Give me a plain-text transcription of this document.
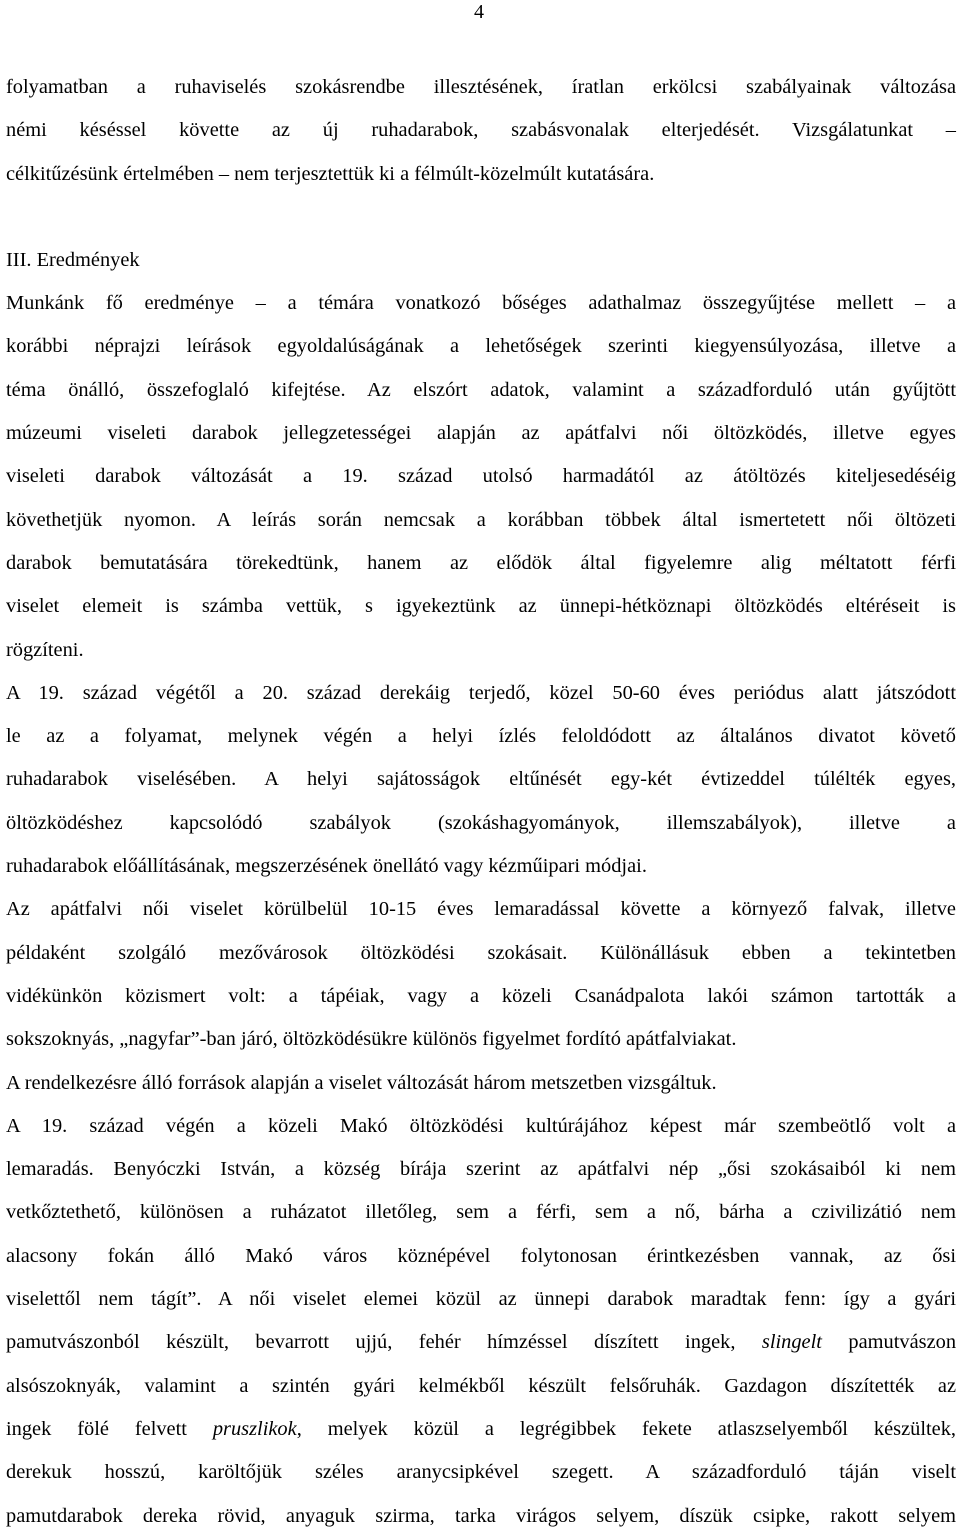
4
folyamatban a ruhaviselés szokásrendbe illesztésének, íratlan erkölcsi szabályainak változása
némi késéssel követte az új ruhadarabok, szabásvonalak elterjedését. Vizsgálatunkat –
célkitűzésünk értelmében – nem terjesztettük ki a félmúlt-közelmúlt kutatására.
III. Eredmények
Munkánk fő eredménye – a témára vonatkozó bőséges adathalmaz összegyűjtése mellett – a
korábbi néprajzi leírások egyoldalúságának a lehetőségek szerinti kiegyensúlyozása, illetve a
téma önálló, összefoglaló kifejtése. Az elszórt adatok, valamint a századforduló után gyűjtött
múzeumi viseleti darabok jellegzetességei alapján az apátfalvi női öltözködés, illetve egyes
viseleti darabok változását a 19. század utolsó harmadától az átöltözés kiteljesedéséig
követhetjük nyomon. A leírás során nemcsak a korábban többek által ismertetett női öltözeti
darabok bemutatására törekedtünk, hanem az elődök által figyelemre alig méltatott férfi
viselet elemeit is számba vettük, s igyekeztünk az ünnepi-hétköznapi öltözködés eltéréseit is
rögzíteni.
A 19. század végétől a 20. század derekáig terjedő, közel 50-60 éves periódus alatt játszódott
le az a folyamat, melynek végén a helyi ízlés feloldódott az általános divatot követő
ruhadarabok viselésében. A helyi sajátosságok eltűnését egy-két évtizeddel túlélték egyes,
öltözködéshez kapcsolódó szabályok (szokáshagyományok, illemszabályok), illetve a
ruhadarabok előállításának, megszerzésének önellátó vagy kézműipari módjai.
Az apátfalvi női viselet körülbelül 10-15 éves lemaradással követte a környező falvak, illetve
példaként szolgáló mezővárosok öltözködési szokásait. Különállásuk ebben a tekintetben
vidékünkön közismert volt: a tápéiak, vagy a közeli Csanádpalota lakói számon tartották a
sokszoknyás, „nagyfar”-ban járó, öltözködésükre különös figyelmet fordító apátfalviakat.
A rendelkezésre álló források alapján a viselet változását három metszetben vizsgáltuk.
A 19. század végén a közeli Makó öltözködési kultúrájához képest már szembeötlő volt a
lemaradás. Benyóczki István, a község bírája szerint az apátfalvi nép „ősi szokásaiból ki nem
vetkőztethető, különösen a ruházatot illetőleg, sem a férfi, sem a nő, bárha a czivilizátió nem
alacsony fokán álló Makó város köznépével folytonosan érintkezésben vannak, az ősi
viselettől nem tágít”. A női viselet elemei közül az ünnepi darabok maradtak fenn: így a gyári
pamutvászonból készült, bevarrott ujjú, fehér hímzéssel díszített ingek, slingelt pamutvászon
alsószoknyák, valamint a szintén gyári kelmékből készült felsőruhák. Gazdagon díszítették az
ingek fölé felvett pruszlikok, melyek közül a legrégibbek fekete atlaszselyemből készültek,
derekuk hosszú, karöltőjük széles aranycsipkével szegett. A századforduló táján viselt
pamutdarabok dereka rövid, anyaguk szirma, tarka virágos selyem, díszük csipke, rakott selyem
